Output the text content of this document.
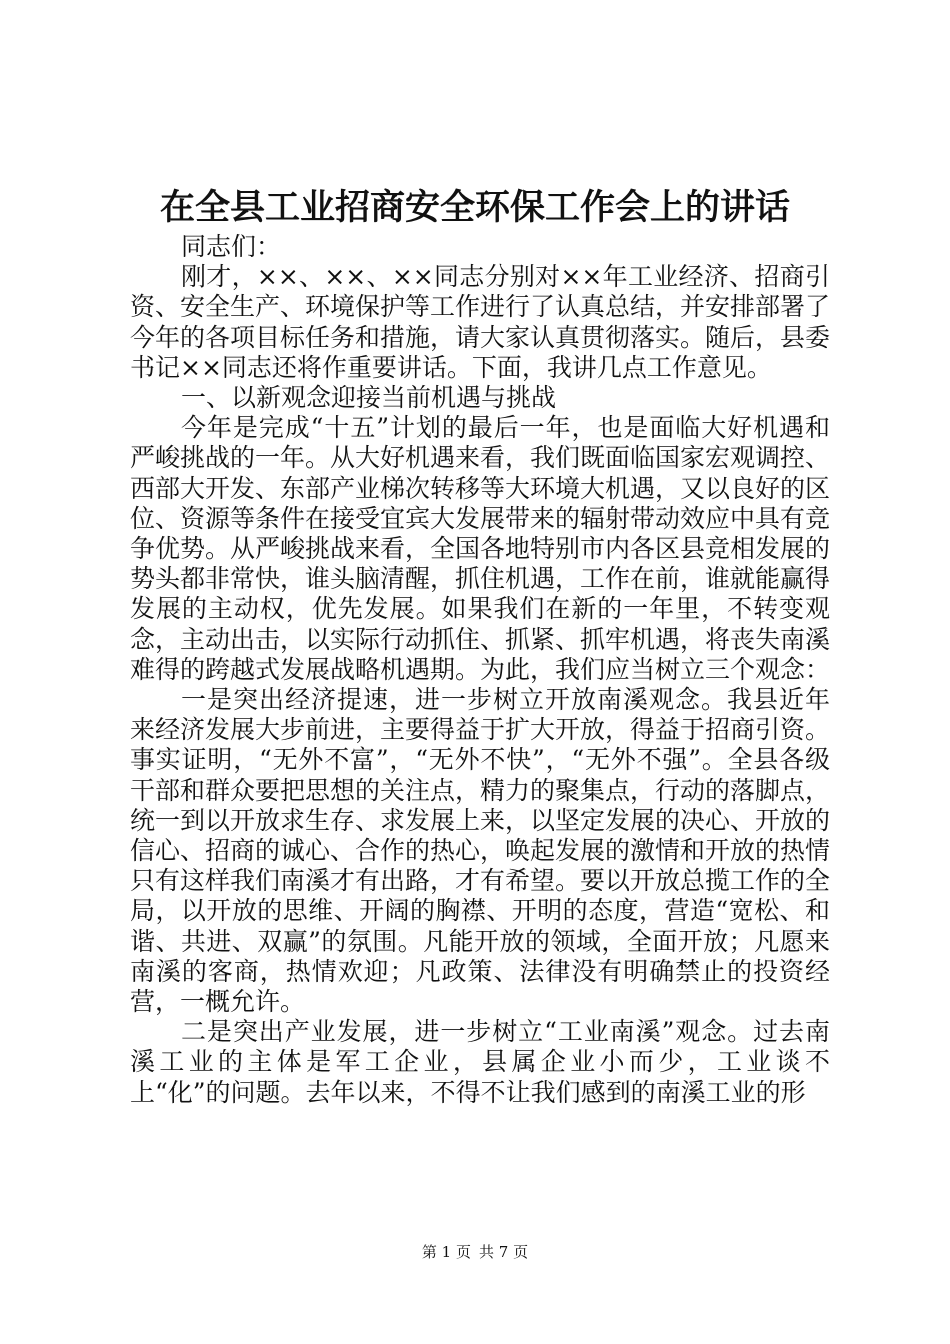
在全县工业招商安全环保工作会上的讲话

同志们：

刚才，××、××、××同志分别对××年工业经济、招商引资、安全生产、环境保护等工作进行了认真总结，并安排部署了今年的各项目标任务和措施，请大家认真贯彻落实。随后，县委书记××同志还将作重要讲话。下面，我讲几点工作意见。

一、以新观念迎接当前机遇与挑战

今年是完成“十五”计划的最后一年，也是面临大好机遇和严峻挑战的一年。从大好机遇来看，我们既面临国家宏观调控、西部大开发、东部产业梯次转移等大环境大机遇，又以良好的区位、资源等条件在接受宜宾大发展带来的辐射带动效应中具有竞争优势。从严峻挑战来看，全国各地特别市内各区县竞相发展的势头都非常快，谁头脑清醒，抓住机遇，工作在前，谁就能赢得发展的主动权，优先发展。如果我们在新的一年里，不转变观念，主动出击，以实际行动抓住、抓紧、抓牢机遇，将丧失南溪难得的跨越式发展战略机遇期。为此，我们应当树立三个观念：

一是突出经济提速，进一步树立开放南溪观念。我县近年来经济发展大步前进，主要得益于扩大开放，得益于招商引资。事实证明，“无外不富”，“无外不快”，“无外不强”。全县各级干部和群众要把思想的关注点，精力的聚集点，行动的落脚点，统一到以开放求生存、求发展上来，以坚定发展的决心、开放的信心、招商的诚心、合作的热心，唤起发展的激情和开放的热情只有这样我们南溪才有出路，才有希望。要以开放总揽工作的全局，以开放的思维、开阔的胸襟、开明的态度，营造“宽松、和谐、共进、双赢”的氛围。凡能开放的领域，全面开放；凡愿来南溪的客商，热情欢迎；凡政策、法律没有明确禁止的投资经营，一概允许。

二是突出产业发展，进一步树立“工业南溪”观念。过去南溪工业的主体是军工企业，县属企业小而少，工业谈不上“化”的问题。去年以来，不得不让我们感到的南溪工业的形

第 1 页 共 7 页
